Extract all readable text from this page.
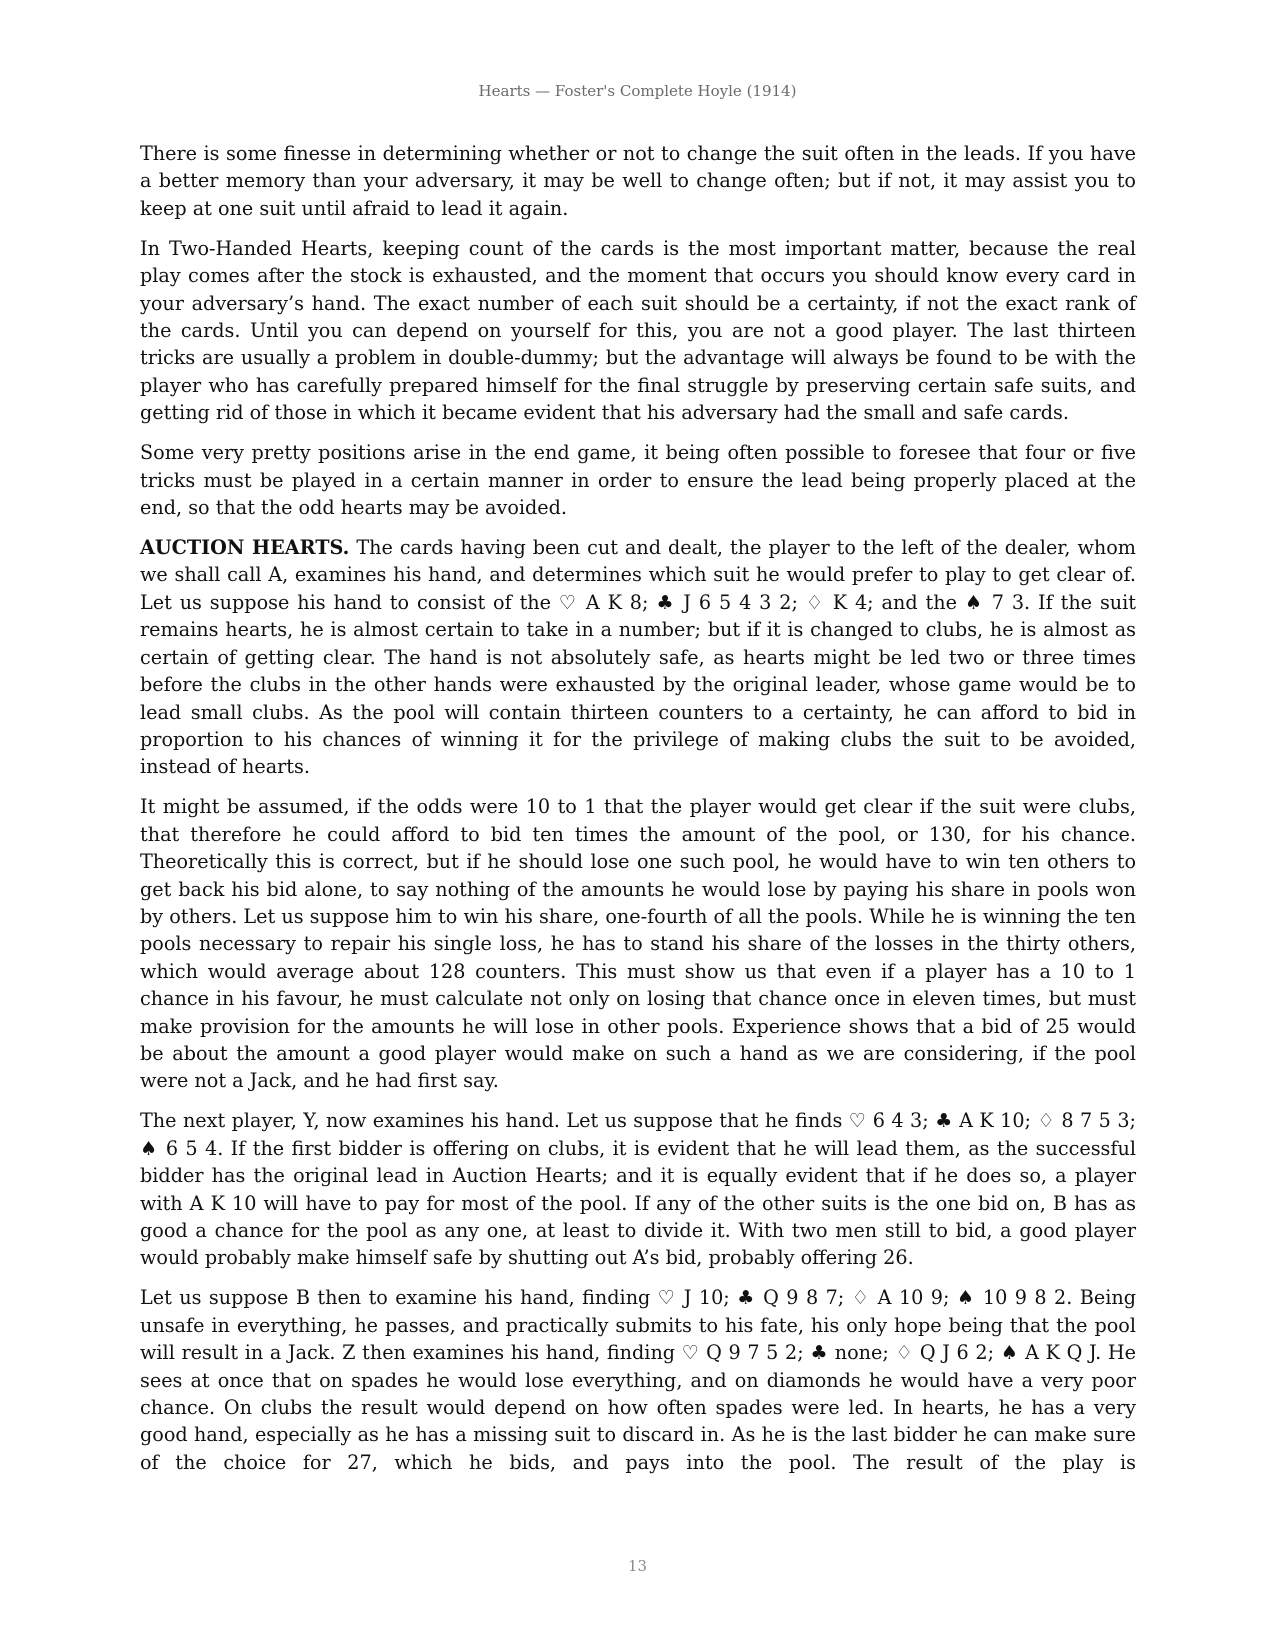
Hearts — Foster's Complete Hoyle (1914)

There is some finesse in determining whether or not to change the suit often in the leads. If you have a better memory than your adversary, it may be well to change often; but if not, it may assist you to keep at one suit until afraid to lead it again.

In Two-Handed Hearts, keeping count of the cards is the most important matter, because the real play comes after the stock is exhausted, and the moment that occurs you should know every card in your adversary’s hand. The exact number of each suit should be a certainty, if not the exact rank of the cards. Until you can depend on yourself for this, you are not a good player. The last thirteen tricks are usually a problem in double-dummy; but the advantage will always be found to be with the player who has carefully prepared himself for the final struggle by preserving certain safe suits, and getting rid of those in which it became evident that his adversary had the small and safe cards.

Some very pretty positions arise in the end game, it being often possible to foresee that four or five tricks must be played in a certain manner in order to ensure the lead being properly placed at the end, so that the odd hearts may be avoided.

AUCTION HEARTS. The cards having been cut and dealt, the player to the left of the dealer, whom we shall call A, examines his hand, and determines which suit he would prefer to play to get clear of. Let us suppose his hand to consist of the ♡ A K 8; ♣ J 6 5 4 3 2; ♢ K 4; and the ♠ 7 3. If the suit remains hearts, he is almost certain to take in a number; but if it is changed to clubs, he is almost as certain of getting clear. The hand is not absolutely safe, as hearts might be led two or three times before the clubs in the other hands were exhausted by the original leader, whose game would be to lead small clubs. As the pool will contain thirteen counters to a certainty, he can afford to bid in proportion to his chances of winning it for the privilege of making clubs the suit to be avoided, instead of hearts.

It might be assumed, if the odds were 10 to 1 that the player would get clear if the suit were clubs, that therefore he could afford to bid ten times the amount of the pool, or 130, for his chance. Theoretically this is correct, but if he should lose one such pool, he would have to win ten others to get back his bid alone, to say nothing of the amounts he would lose by paying his share in pools won by others. Let us suppose him to win his share, one-fourth of all the pools. While he is winning the ten pools necessary to repair his single loss, he has to stand his share of the losses in the thirty others, which would average about 128 counters. This must show us that even if a player has a 10 to 1 chance in his favour, he must calculate not only on losing that chance once in eleven times, but must make provision for the amounts he will lose in other pools. Experience shows that a bid of 25 would be about the amount a good player would make on such a hand as we are considering, if the pool were not a Jack, and he had first say.

The next player, Y, now examines his hand. Let us suppose that he finds ♡ 6 4 3; ♣ A K 10; ♢ 8 7 5 3; ♠ 6 5 4. If the first bidder is offering on clubs, it is evident that he will lead them, as the successful bidder has the original lead in Auction Hearts; and it is equally evident that if he does so, a player with A K 10 will have to pay for most of the pool. If any of the other suits is the one bid on, B has as good a chance for the pool as any one, at least to divide it. With two men still to bid, a good player would probably make himself safe by shutting out A’s bid, probably offering 26.

Let us suppose B then to examine his hand, finding ♡ J 10; ♣ Q 9 8 7; ♢ A 10 9; ♠ 10 9 8 2. Being unsafe in everything, he passes, and practically submits to his fate, his only hope being that the pool will result in a Jack. Z then examines his hand, finding ♡ Q 9 7 5 2; ♣ none; ♢ Q J 6 2; ♠ A K Q J. He sees at once that on spades he would lose everything, and on diamonds he would have a very poor chance. On clubs the result would depend on how often spades were led. In hearts, he has a very good hand, especially as he has a missing suit to discard in. As he is the last bidder he can make sure of the choice for 27, which he bids, and pays into the pool. The result of the play is

13
